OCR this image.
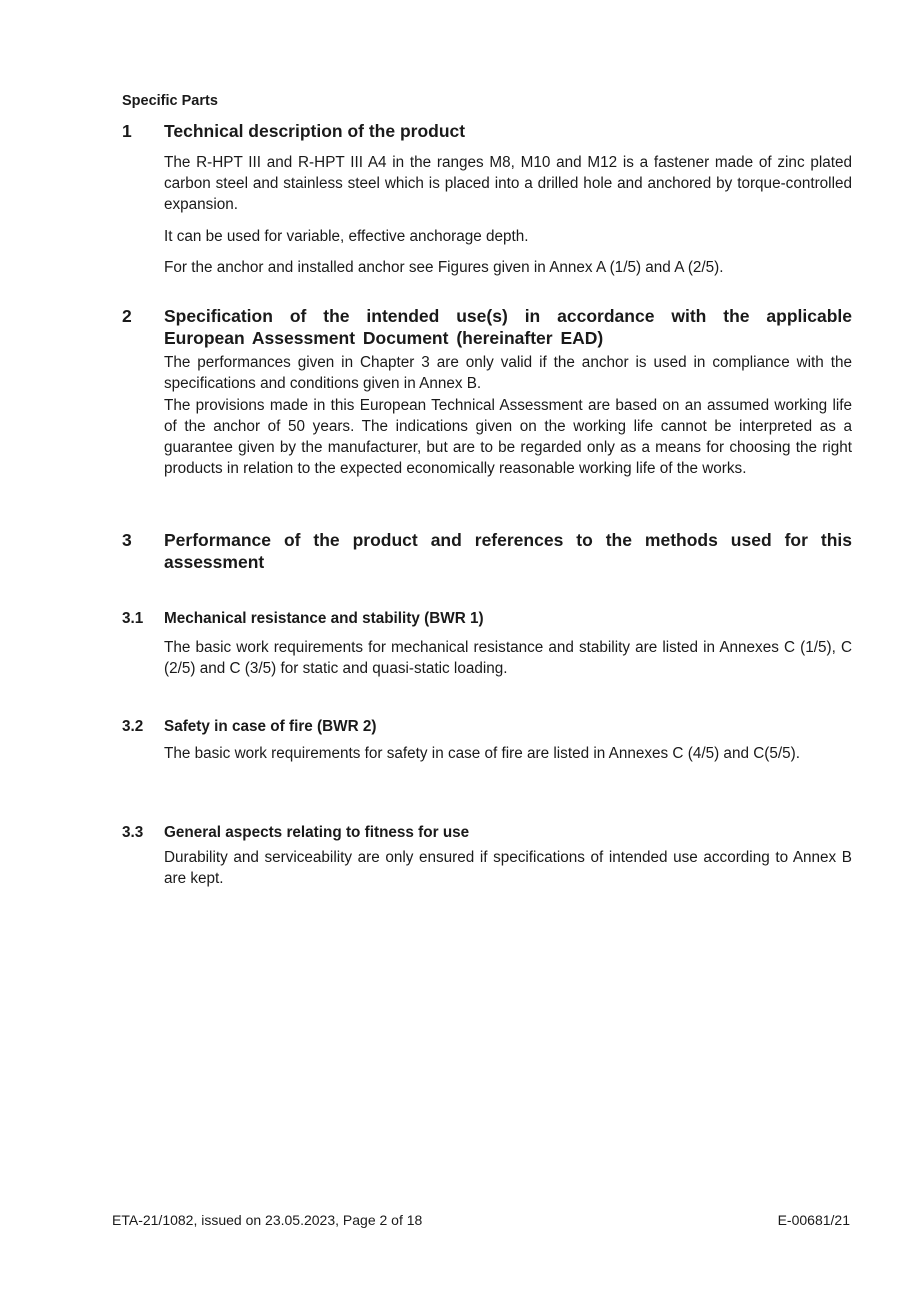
Specific Parts
1 Technical description of the product
The R-HPT III and R-HPT III A4 in the ranges M8, M10 and M12 is a fastener made of zinc plated carbon steel and stainless steel which is placed into a drilled hole and anchored by torque-controlled expansion.
It can be used for variable, effective anchorage depth.
For the anchor and installed anchor see Figures given in Annex A (1/5) and A (2/5).
2 Specification of the intended use(s) in accordance with the applicable European Assessment Document (hereinafter EAD)
The performances given in Chapter 3 are only valid if the anchor is used in compliance with the specifications and conditions given in Annex B.
The provisions made in this European Technical Assessment are based on an assumed working life of the anchor of 50 years. The indications given on the working life cannot be interpreted as a guarantee given by the manufacturer, but are to be regarded only as a means for choosing the right products in relation to the expected economically reasonable working life of the works.
3 Performance of the product and references to the methods used for this assessment
3.1 Mechanical resistance and stability (BWR 1)
The basic work requirements for mechanical resistance and stability are listed in Annexes C (1/5), C (2/5) and C (3/5) for static and quasi-static loading.
3.2 Safety in case of fire (BWR 2)
The basic work requirements for safety in case of fire are listed in Annexes C (4/5) and C(5/5).
3.3 General aspects relating to fitness for use
Durability and serviceability are only ensured if specifications of intended use according to Annex B are kept.
ETA-21/1082, issued on 23.05.2023, Page 2 of 18	E-00681/21
